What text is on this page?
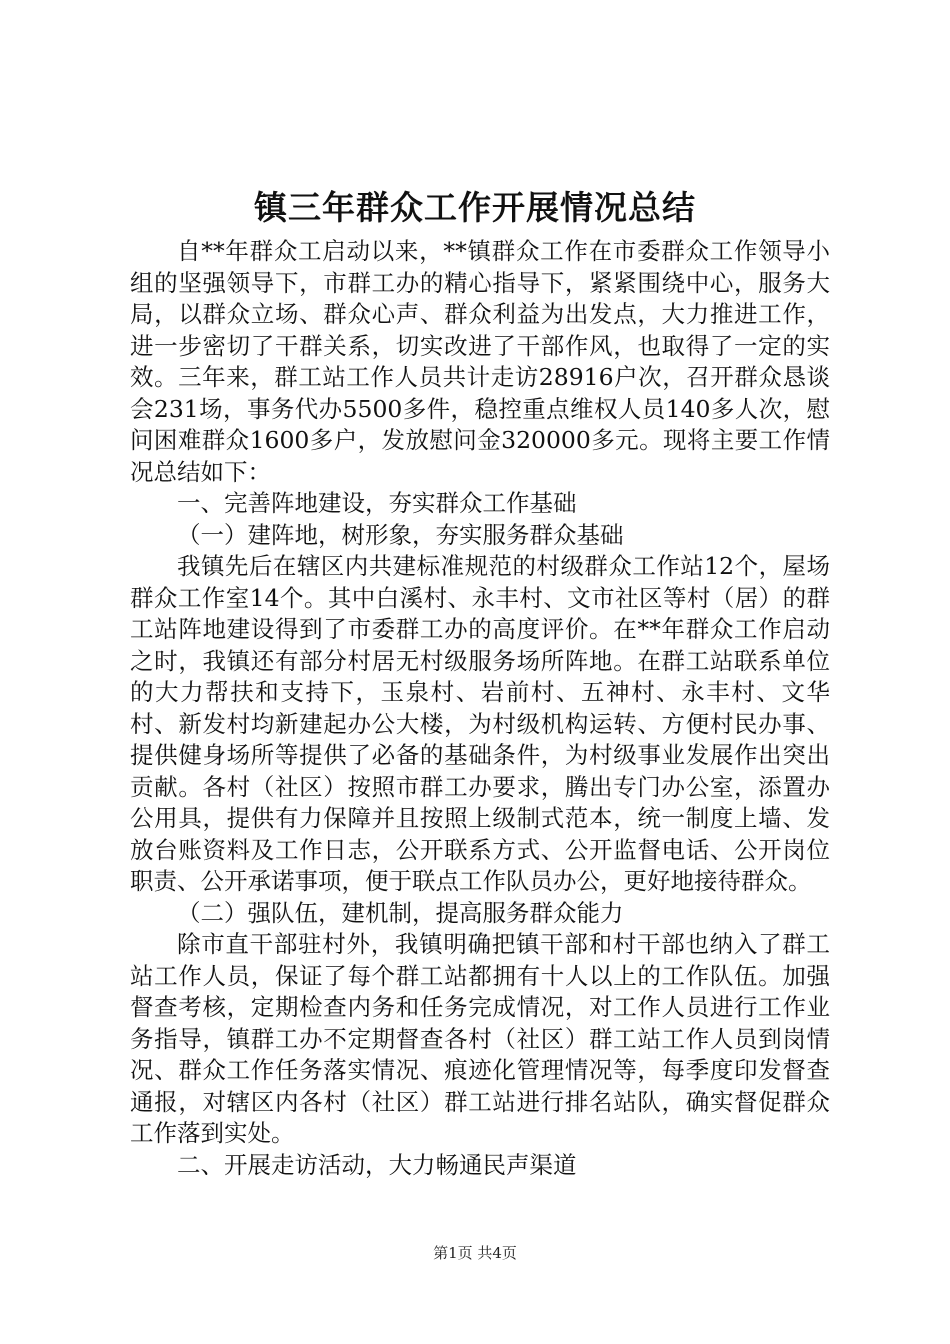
镇三年群众工作开展情况总结

自**年群众工启动以来，**镇群众工作在市委群众工作领导小组的坚强领导下，市群工办的精心指导下，紧紧围绕中心，服务大局，以群众立场、群众心声、群众利益为出发点，大力推进工作，进一步密切了干群关系，切实改进了干部作风，也取得了一定的实效。三年来，群工站工作人员共计走访28916户次，召开群众恳谈会231场，事务代办5500多件，稳控重点维权人员140多人次，慰问困难群众1600多户，发放慰问金320000多元。现将主要工作情况总结如下：

一、完善阵地建设，夯实群众工作基础

（一）建阵地，树形象，夯实服务群众基础

我镇先后在辖区内共建标准规范的村级群众工作站12个，屋场群众工作室14个。其中白溪村、永丰村、文市社区等村（居）的群工站阵地建设得到了市委群工办的高度评价。在**年群众工作启动之时，我镇还有部分村居无村级服务场所阵地。在群工站联系单位的大力帮扶和支持下，玉泉村、岩前村、五神村、永丰村、文华村、新发村均新建起办公大楼，为村级机构运转、方便村民办事、提供健身场所等提供了必备的基础条件，为村级事业发展作出突出贡献。各村（社区）按照市群工办要求，腾出专门办公室，添置办公用具，提供有力保障并且按照上级制式范本，统一制度上墙、发放台账资料及工作日志，公开联系方式、公开监督电话、公开岗位职责、公开承诺事项，便于联点工作队员办公，更好地接待群众。

（二）强队伍，建机制，提高服务群众能力

除市直干部驻村外，我镇明确把镇干部和村干部也纳入了群工站工作人员，保证了每个群工站都拥有十人以上的工作队伍。加强督查考核，定期检查内务和任务完成情况，对工作人员进行工作业务指导，镇群工办不定期督查各村（社区）群工站工作人员到岗情况、群众工作任务落实情况、痕迹化管理情况等，每季度印发督查通报，对辖区内各村（社区）群工站进行排名站队，确实督促群众工作落到实处。

二、开展走访活动，大力畅通民声渠道

第1页 共4页
